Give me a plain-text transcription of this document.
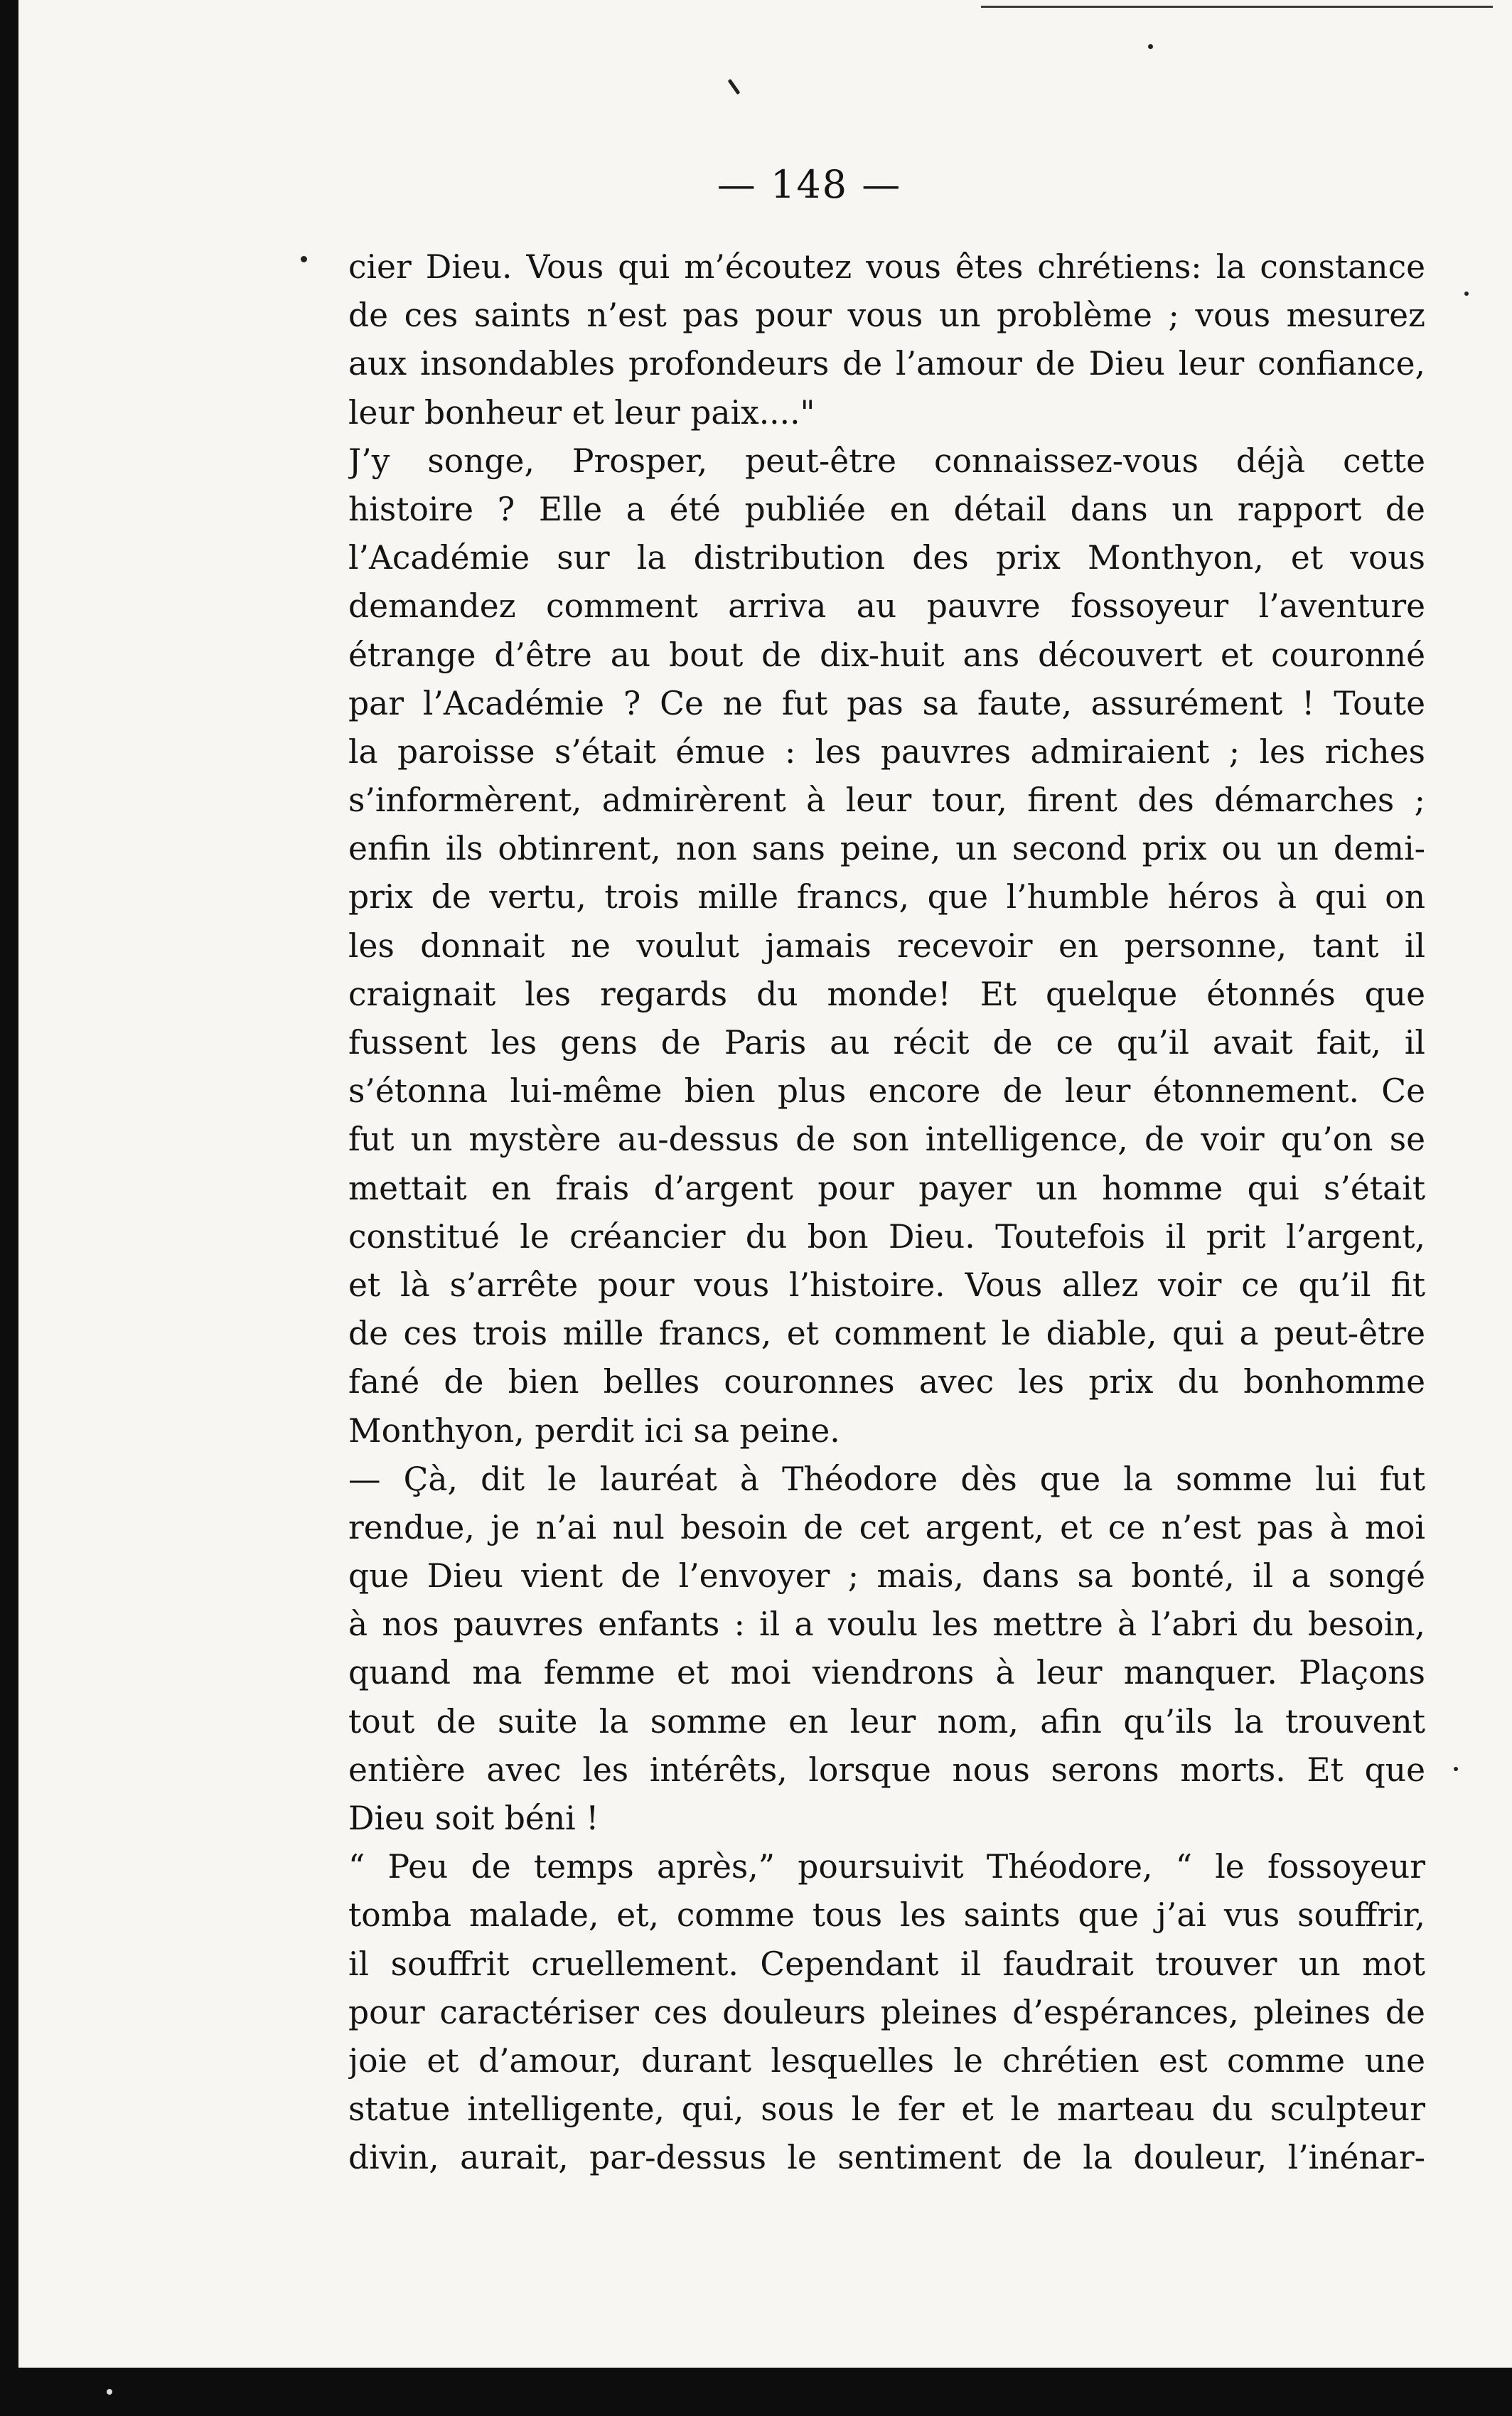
— 148 —
cier Dieu. Vous qui m’écoutez vous êtes chrétiens: la constance
de ces saints n’est pas pour vous un problème ; vous mesurez
aux insondables profondeurs de l’amour de Dieu leur confiance,
leur bonheur et leur paix...."
J’y songe, Prosper, peut-être connaissez-vous déjà cette
histoire ? Elle a été publiée en détail dans un rapport de
l’Académie sur la distribution des prix Monthyon, et vous
demandez comment arriva au pauvre fossoyeur l’aventure
étrange d’être au bout de dix-huit ans découvert et couronné
par l’Académie ? Ce ne fut pas sa faute, assurément ! Toute
la paroisse s’était émue : les pauvres admiraient ; les riches
s’informèrent, admirèrent à leur tour, firent des démarches ;
enfin ils obtinrent, non sans peine, un second prix ou un demi-
prix de vertu, trois mille francs, que l’humble héros à qui on
les donnait ne voulut jamais recevoir en personne, tant il
craignait les regards du monde! Et quelque étonnés que
fussent les gens de Paris au récit de ce qu’il avait fait, il
s’étonna lui-même bien plus encore de leur étonnement. Ce
fut un mystère au-dessus de son intelligence, de voir qu’on se
mettait en frais d’argent pour payer un homme qui s’était
constitué le créancier du bon Dieu. Toutefois il prit l’argent,
et là s’arrête pour vous l’histoire. Vous allez voir ce qu’il fit
de ces trois mille francs, et comment le diable, qui a peut-être
fané de bien belles couronnes avec les prix du bonhomme
Monthyon, perdit ici sa peine.
— Çà, dit le lauréat à Théodore dès que la somme lui fut
rendue, je n’ai nul besoin de cet argent, et ce n’est pas à moi
que Dieu vient de l’envoyer ; mais, dans sa bonté, il a songé
à nos pauvres enfants : il a voulu les mettre à l’abri du besoin,
quand ma femme et moi viendrons à leur manquer. Plaçons
tout de suite la somme en leur nom, afin qu’ils la trouvent
entière avec les intérêts, lorsque nous serons morts. Et que
Dieu soit béni !
“ Peu de temps après,” poursuivit Théodore, “ le fossoyeur
tomba malade, et, comme tous les saints que j’ai vus souffrir,
il souffrit cruellement. Cependant il faudrait trouver un mot
pour caractériser ces douleurs pleines d’espérances, pleines de
joie et d’amour, durant lesquelles le chrétien est comme une
statue intelligente, qui, sous le fer et le marteau du sculpteur
divin, aurait, par-dessus le sentiment de la douleur, l’inénar-
